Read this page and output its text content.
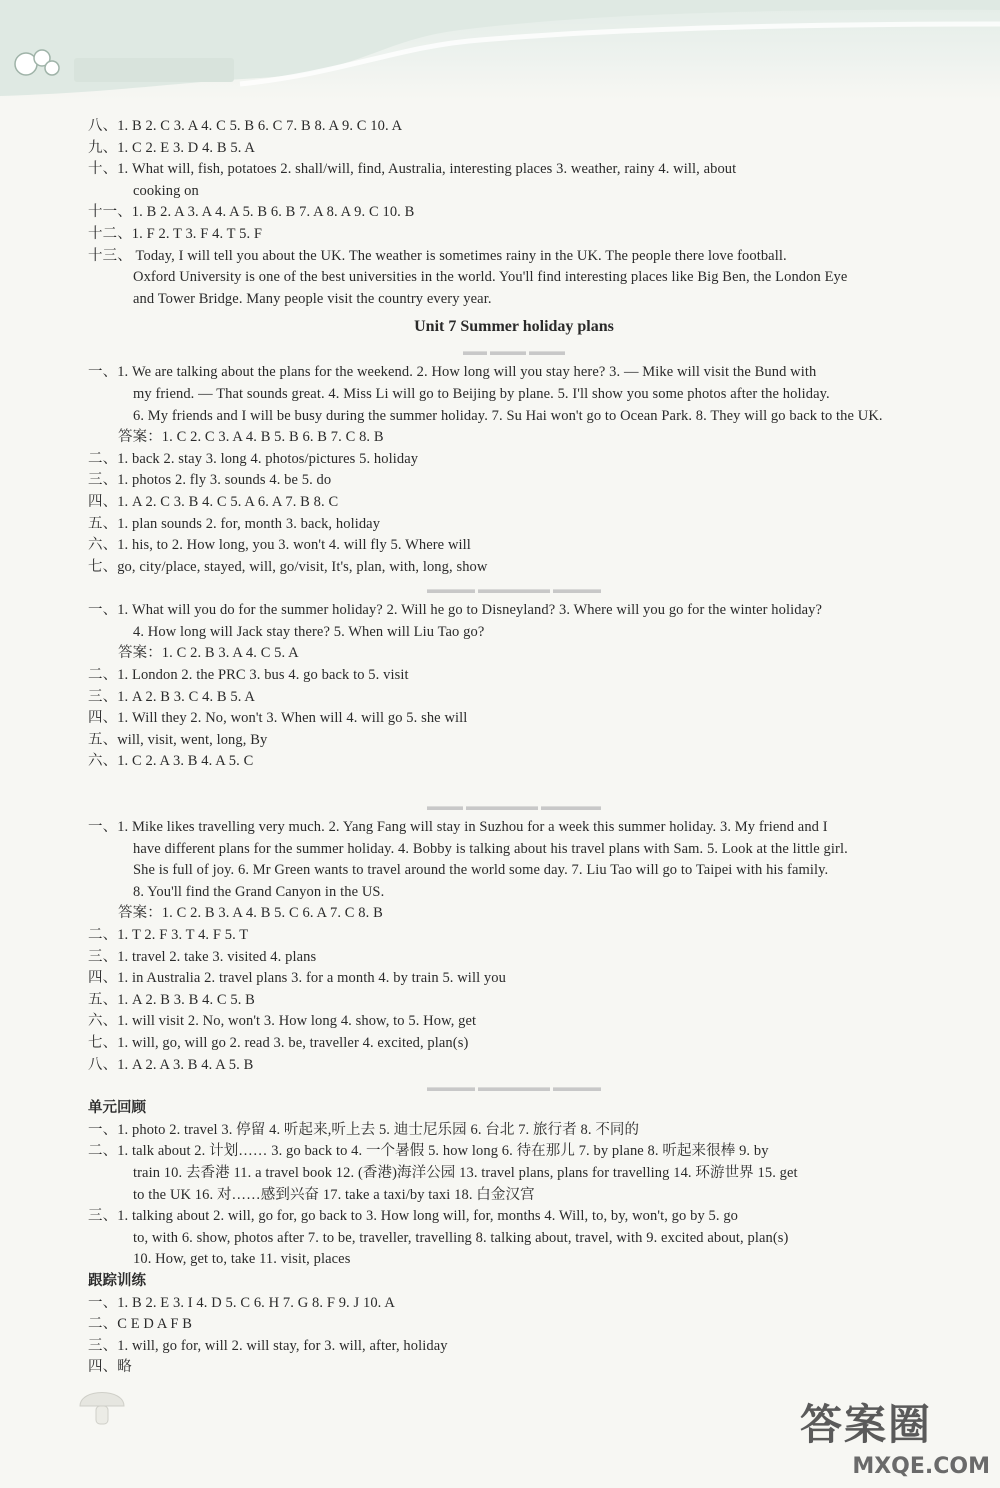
八、1. B 2. C 3. A 4. C 5. B 6. C 7. B 8. A 9. C 10. A
九、1. C 2. E 3. D 4. B 5. A
十、1. What will, fish, potatoes 2. shall/will, find, Australia, interesting places 3. weather, rainy 4. will, about
cooking on
十一、1. B 2. A 3. A 4. A 5. B 6. B 7. A 8. A 9. C 10. B
十二、1. F 2. T 3. F 4. T 5. F
十三、 Today, I will tell you about the UK. The weather is sometimes rainy in the UK. The people there love football.
Oxford University is one of the best universities in the world. You'll find interesting places like Big Ben, the London Eye
and Tower Bridge. Many people visit the country every year.
Unit 7 Summer holiday plans
▬▬ ▬▬▬ ▬▬▬
一、1. We are talking about the plans for the weekend. 2. How long will you stay here? 3. — Mike will visit the Bund with
my friend. — That sounds great. 4. Miss Li will go to Beijing by plane. 5. I'll show you some photos after the holiday.
6. My friends and I will be busy during the summer holiday. 7. Su Hai won't go to Ocean Park. 8. They will go back to the UK.
答案：1. C 2. C 3. A 4. B 5. B 6. B 7. C 8. B
二、1. back 2. stay 3. long 4. photos/pictures 5. holiday
三、1. photos 2. fly 3. sounds 4. be 5. do
四、1. A 2. C 3. B 4. C 5. A 6. A 7. B 8. C
五、1. plan sounds 2. for, month 3. back, holiday
六、1. his, to 2. How long, you 3. won't 4. will fly 5. Where will
七、go, city/place, stayed, will, go/visit, It's, plan, with, long, show
▬▬▬▬ ▬▬▬▬▬▬ ▬▬▬▬
一、1. What will you do for the summer holiday? 2. Will he go to Disneyland? 3. Where will you go for the winter holiday?
4. How long will Jack stay there? 5. When will Liu Tao go?
答案：1. C 2. B 3. A 4. C 5. A
二、1. London 2. the PRC 3. bus 4. go back to 5. visit
三、1. A 2. B 3. C 4. B 5. A
四、1. Will they 2. No, won't 3. When will 4. will go 5. she will
五、will, visit, went, long, By
六、1. C 2. A 3. B 4. A 5. C
▬▬▬ ▬▬▬▬▬▬ ▬▬▬▬▬
一、1. Mike likes travelling very much. 2. Yang Fang will stay in Suzhou for a week this summer holiday. 3. My friend and I
have different plans for the summer holiday. 4. Bobby is talking about his travel plans with Sam. 5. Look at the little girl.
She is full of joy. 6. Mr Green wants to travel around the world some day. 7. Liu Tao will go to Taipei with his family.
8. You'll find the Grand Canyon in the US.
答案：1. C 2. B 3. A 4. B 5. C 6. A 7. C 8. B
二、1. T 2. F 3. T 4. F 5. T
三、1. travel 2. take 3. visited 4. plans
四、1. in Australia 2. travel plans 3. for a month 4. by train 5. will you
五、1. A 2. B 3. B 4. C 5. B
六、1. will visit 2. No, won't 3. How long 4. show, to 5. How, get
七、1. will, go, will go 2. read 3. be, traveller 4. excited, plan(s)
八、1. A 2. A 3. B 4. A 5. B
▬▬▬▬ ▬▬▬▬▬▬ ▬▬▬▬
单元回顾
一、1. photo 2. travel 3. 停留 4. 听起来,听上去 5. 迪士尼乐园 6. 台北 7. 旅行者 8. 不同的
二、1. talk about 2. 计划…… 3. go back to 4. 一个暑假 5. how long 6. 待在那儿 7. by plane 8. 听起来很棒 9. by
train 10. 去香港 11. a travel book 12. (香港)海洋公园 13. travel plans, plans for travelling 14. 环游世界 15. get
to the UK 16. 对……感到兴奋 17. take a taxi/by taxi 18. 白金汉宫
三、1. talking about 2. will, go for, go back to 3. How long will, for, months 4. Will, to, by, won't, go by 5. go
to, with 6. show, photos after 7. to be, traveller, travelling 8. talking about, travel, with 9. excited about, plan(s)
10. How, get to, take 11. visit, places
跟踪训练
一、1. B 2. E 3. I 4. D 5. C 6. H 7. G 8. F 9. J 10. A
二、C E D A F B
三、1. will, go for, will 2. will stay, for 3. will, after, holiday
四、略
答案圈
MXQE.COM
